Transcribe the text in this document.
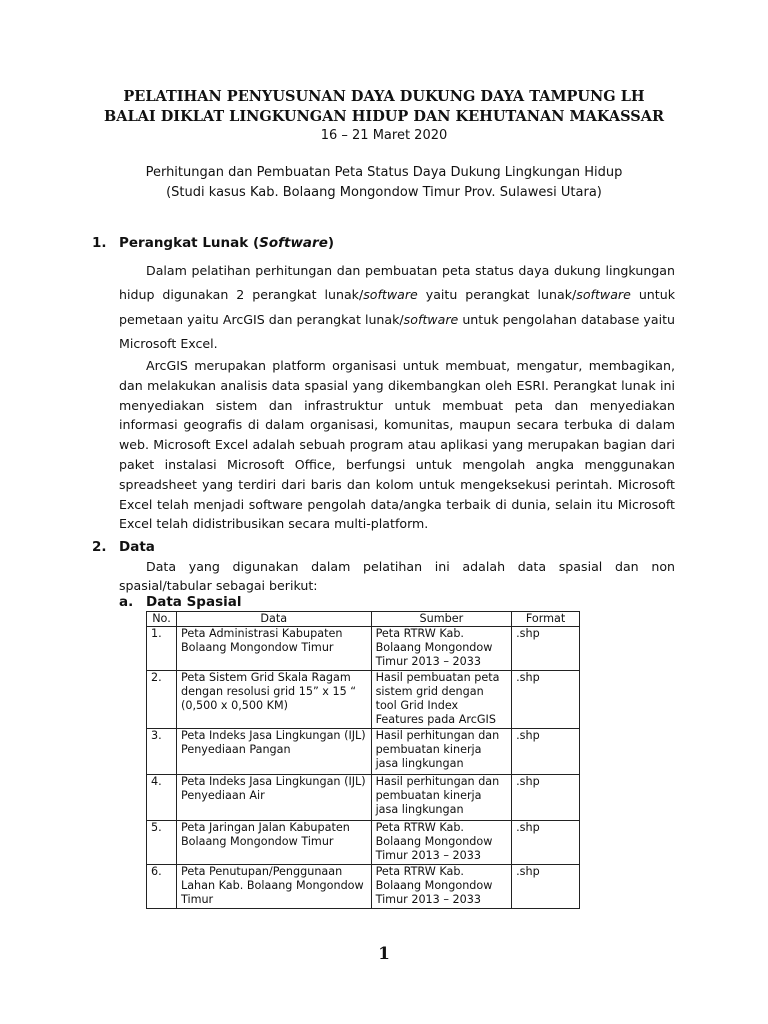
PELATIHAN PENYUSUNAN DAYA DUKUNG DAYA TAMPUNG LH
BALAI DIKLAT LINGKUNGAN HIDUP DAN KEHUTANAN MAKASSAR
16 – 21 Maret 2020
Perhitungan dan Pembuatan Peta Status Daya Dukung Lingkungan Hidup
(Studi kasus Kab. Bolaang Mongondow Timur Prov. Sulawesi Utara)
1. Perangkat Lunak (Software)
Dalam pelatihan perhitungan dan pembuatan peta status daya dukung lingkungan hidup digunakan 2 perangkat lunak/software yaitu perangkat lunak/software untuk pemetaan yaitu ArcGIS dan perangkat lunak/software untuk pengolahan database yaitu Microsoft Excel.
ArcGIS merupakan platform organisasi untuk membuat, mengatur, membagikan, dan melakukan analisis data spasial yang dikembangkan oleh ESRI. Perangkat lunak ini menyediakan sistem dan infrastruktur untuk membuat peta dan menyediakan informasi geografis di dalam organisasi, komunitas, maupun secara terbuka di dalam web. Microsoft Excel adalah sebuah program atau aplikasi yang merupakan bagian dari paket instalasi Microsoft Office, berfungsi untuk mengolah angka menggunakan spreadsheet yang terdiri dari baris dan kolom untuk mengeksekusi perintah. Microsoft Excel telah menjadi software pengolah data/angka terbaik di dunia, selain itu Microsoft Excel telah didistribusikan secara multi-platform.
2. Data
Data yang digunakan dalam pelatihan ini adalah data spasial dan non spasial/tabular sebagai berikut:
a. Data Spasial
No.	Data	Sumber	Format
1.	Peta Administrasi Kabupaten Bolaang Mongondow Timur	Peta RTRW Kab. Bolaang Mongondow Timur 2013 – 2033	.shp
2.	Peta Sistem Grid Skala Ragam dengan resolusi grid 15” x 15 “ (0,500 x 0,500 KM)	Hasil pembuatan peta sistem grid dengan tool Grid Index Features pada ArcGIS	.shp
3.	Peta Indeks Jasa Lingkungan (IJL) Penyediaan Pangan	Hasil perhitungan dan pembuatan kinerja jasa lingkungan	.shp
4.	Peta Indeks Jasa Lingkungan (IJL) Penyediaan Air	Hasil perhitungan dan pembuatan kinerja jasa lingkungan	.shp
5.	Peta Jaringan Jalan Kabupaten Bolaang Mongondow Timur	Peta RTRW Kab. Bolaang Mongondow Timur 2013 – 2033	.shp
6.	Peta Penutupan/Penggunaan Lahan Kab. Bolaang Mongondow Timur	Peta RTRW Kab. Bolaang Mongondow Timur 2013 – 2033	.shp
1
